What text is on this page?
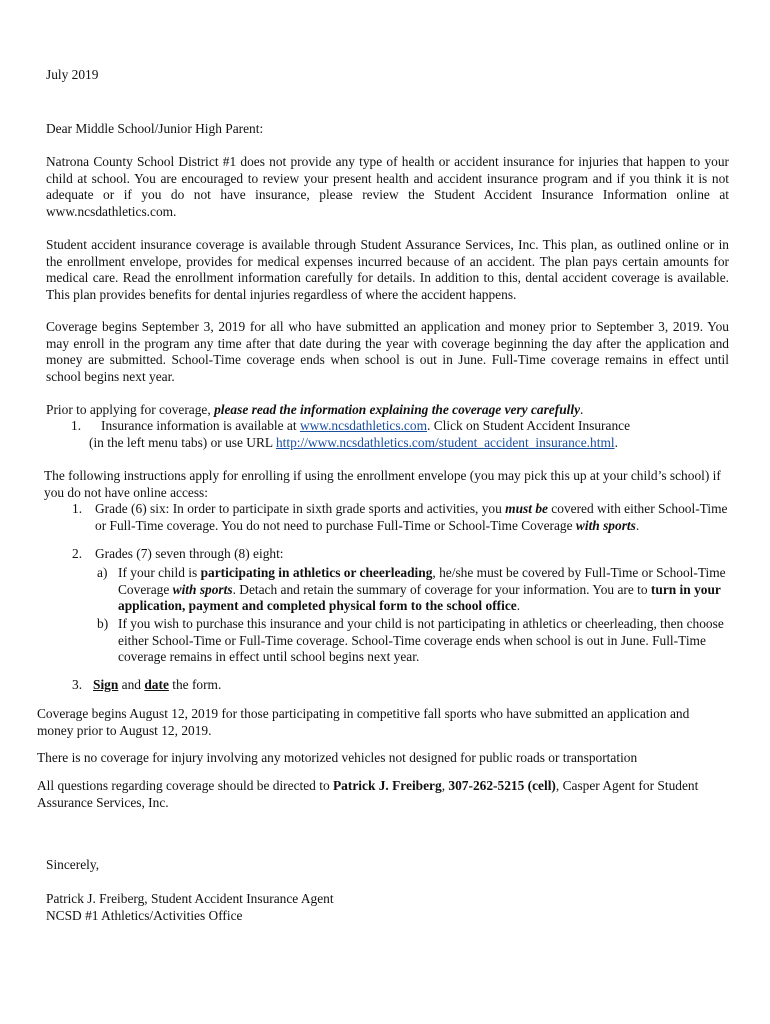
July 2019

Dear Middle School/Junior High Parent:

Natrona County School District #1 does not provide any type of health or accident insurance for injuries that happen to your child at school. You are encouraged to review your present health and accident insurance program and if you think it is not adequate or if you do not have insurance, please review the Student Accident Insurance Information online at www.ncsdathletics.com.

Student accident insurance coverage is available through Student Assurance Services, Inc. This plan, as outlined online or in the enrollment envelope, provides for medical expenses incurred because of an accident. The plan pays certain amounts for medical care. Read the enrollment information carefully for details. In addition to this, dental accident coverage is available. This plan provides benefits for dental injuries regardless of where the accident happens.

Coverage begins September 3, 2019 for all who have submitted an application and money prior to September 3, 2019. You may enroll in the program any time after that date during the year with coverage beginning the day after the application and money are submitted. School-Time coverage ends when school is out in June. Full-Time coverage remains in effect until school begins next year.

Prior to applying for coverage, please read the information explaining the coverage very carefully.

1. Insurance information is available at www.ncsdathletics.com. Click on Student Accident Insurance
(in the left menu tabs) or use URL http://www.ncsdathletics.com/student_accident_insurance.html.

The following instructions apply for enrolling if using the enrollment envelope (you may pick this up at your child’s school) if you do not have online access:

1. Grade (6) six: In order to participate in sixth grade sports and activities, you must be covered with either School-Time or Full-Time coverage. You do not need to purchase Full-Time or School-Time Coverage with sports.

2. Grades (7) seven through (8) eight:
a) If your child is participating in athletics or cheerleading, he/she must be covered by Full-Time or School-Time Coverage with sports. Detach and retain the summary of coverage for your information. You are to turn in your application, payment and completed physical form to the school office.

b) If you wish to purchase this insurance and your child is not participating in athletics or cheerleading, then choose either School-Time or Full-Time coverage. School-Time coverage ends when school is out in June. Full-Time coverage remains in effect until school begins next year.

3. Sign and date the form.

Coverage begins August 12, 2019 for those participating in competitive fall sports who have submitted an application and money prior to August 12, 2019.

There is no coverage for injury involving any motorized vehicles not designed for public roads or transportation

All questions regarding coverage should be directed to Patrick J. Freiberg, 307-262-5215 (cell), Casper Agent for Student Assurance Services, Inc.

Sincerely,

Patrick J. Freiberg, Student Accident Insurance Agent

NCSD #1 Athletics/Activities Office
